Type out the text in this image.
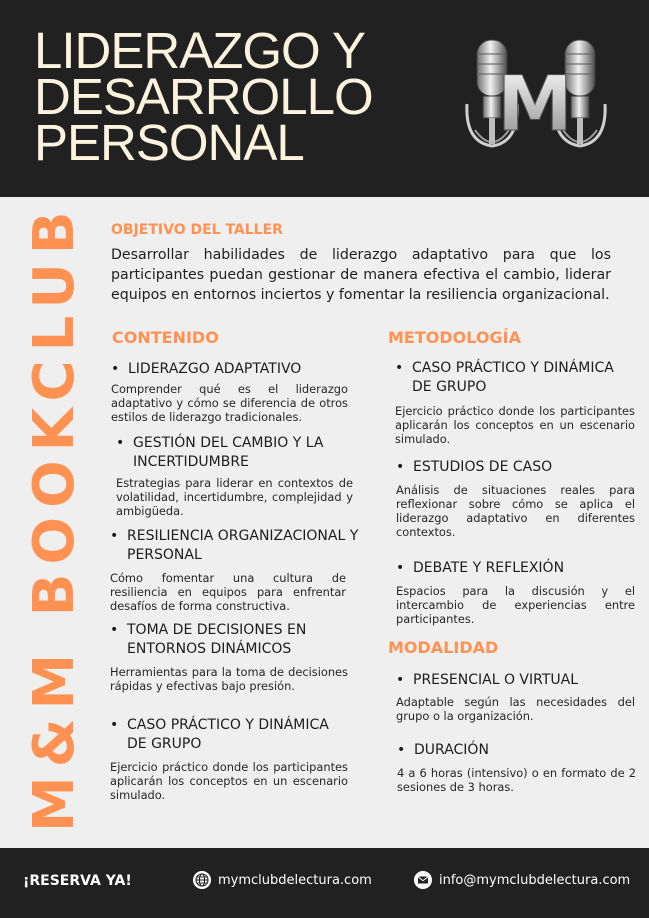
LIDERAZGO Y
DESARROLLO
PERSONAL	M
M&M BOOKCLUB OBJETIVO DEL TALLER
Desarrollar habilidades de liderazgo adaptativo para que los participantes puedan gestionar de manera efectiva el cambio, liderar equipos en entornos inciertos y fomentar la resiliencia organizacional.
CONTENIDO
• LIDERAZGO ADAPTATIVO
Comprender qué es el liderazgo adaptativo y cómo se diferencia de otros estilos de liderazgo tradicionales.
• GESTIÓN DEL CAMBIO Y LA INCERTIDUMBRE
Estrategias para liderar en contextos de volatilidad, incertidumbre, complejidad y ambigüeda.
• RESILIENCIA ORGANIZACIONAL Y PERSONAL
Cómo fomentar una cultura de resiliencia en equipos para enfrentar desafíos de forma constructiva.
• TOMA DE DECISIONES EN ENTORNOS DINÁMICOS
Herramientas para la toma de decisiones rápidas y efectivas bajo presión.
• CASO PRÁCTICO Y DINÁMICA DE GRUPO
Ejercicio práctico donde los participantes aplicarán los conceptos en un escenario simulado.
METODOLOGÍA
• CASO PRÁCTICO Y DINÁMICA DE GRUPO
Ejercicio práctico donde los participantes aplicarán los conceptos en un escenario simulado.
• ESTUDIOS DE CASO
Análisis de situaciones reales para reflexionar sobre cómo se aplica el liderazgo adaptativo en diferentes contextos.
• DEBATE Y REFLEXIÓN
Espacios para la discusión y el intercambio de experiencias entre participantes.
MODALIDAD
• PRESENCIAL O VIRTUAL
Adaptable según las necesidades del grupo o la organización.
• DURACIÓN
4 a 6 horas (intensivo) o en formato de 2 sesiones de 3 horas.
¡RESERVA YA!	mymclubdelectura.com	info@mymclubdelectura.com
